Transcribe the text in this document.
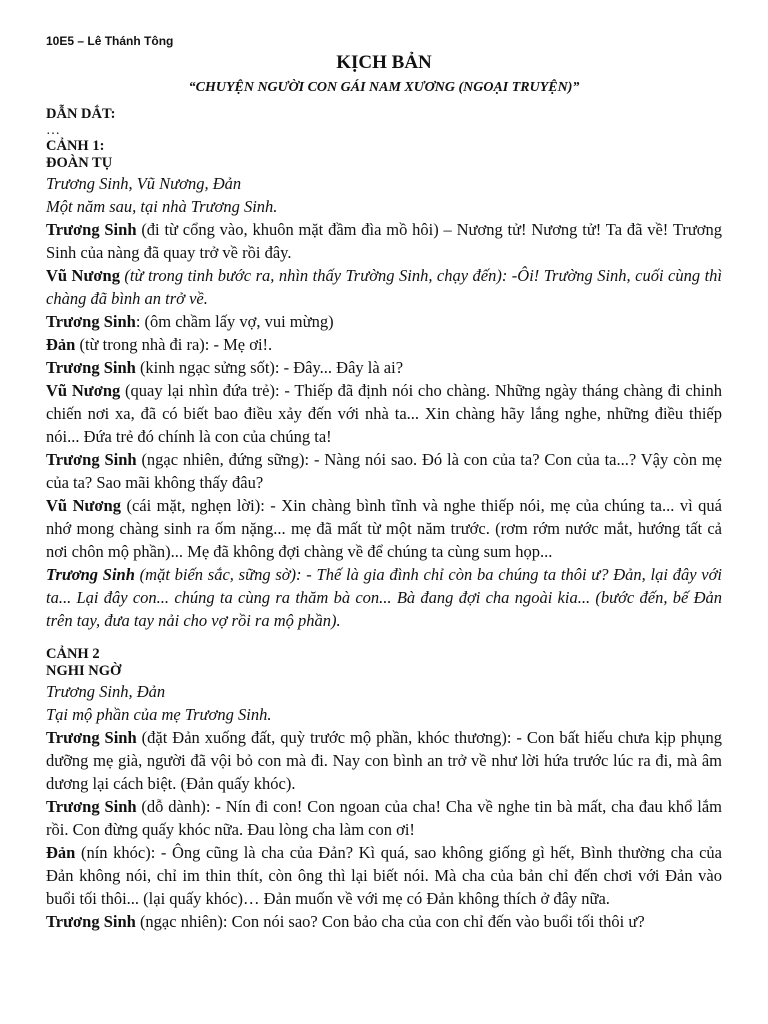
10E5 – Lê Thánh Tông
KỊCH BẢN
“CHUYỆN NGƯỜI CON GÁI NAM XƯƠNG (NGOẠI TRUYỆN)”
DẪN DẮT:
…
CẢNH 1:
ĐOÀN TỤ
Trương Sinh, Vũ Nương, Đản
Một năm sau, tại nhà Trương Sinh.
Trương Sinh (đi từ cổng vào, khuôn mặt đầm đìa mồ hôi) – Nương tử! Nương tử! Ta đã về! Trương Sinh của nàng đã quay trở về rồi đây.
Vũ Nương (từ trong tinh bước ra, nhìn thấy Trường Sinh, chạy đến): -Ôi! Trường Sinh, cuối cùng thì chàng đã bình an trở về.
Trương Sinh: (ôm chầm lấy vợ, vui mừng)
Đản (từ trong nhà đi ra): - Mẹ ơi!.
Trương Sinh (kinh ngạc sửng sốt): - Đây... Đây là ai?
Vũ Nương (quay lại nhìn đứa trẻ): - Thiếp đã định nói cho chàng. Những ngày tháng chàng đi chinh chiến nơi xa, đã có biết bao điều xảy đến với nhà ta... Xin chàng hãy lắng nghe, những điều thiếp nói... Đứa trẻ đó chính là con của chúng ta!
Trương Sinh (ngạc nhiên, đứng sững): - Nàng nói sao. Đó là con của ta? Con của ta...? Vậy còn mẹ của ta? Sao mãi không thấy đâu?
Vũ Nương (cái mặt, nghẹn lời): - Xin chàng bình tĩnh và nghe thiếp nói, mẹ của chúng ta... vì quá nhớ mong chàng sinh ra ốm nặng... mẹ đã mất từ một năm trước. (rơm rớm nước mắt, hướng tất cả nơi chôn mộ phần)... Mẹ đã không đợi chàng về để chúng ta cùng sum họp...
Trương Sinh (mặt biến sắc, sững sờ): - Thế là gia đình chỉ còn ba chúng ta thôi ư? Đản, lại đây với ta... Lại đây con... chúng ta cùng ra thăm bà con... Bà đang đợi cha ngoài kia... (bước đến, bế Đản trên tay, đưa tay nải cho vợ rồi ra mộ phần).
CẢNH 2
NGHI NGỜ
Trương Sinh, Đản
Tại mộ phần của mẹ Trương Sinh.
Trương Sinh (đặt Đản xuống đất, quỳ trước mộ phần, khóc thương): - Con bất hiếu chưa kịp phụng dưỡng mẹ già, người đã vội bỏ con mà đi. Nay con bình an trở về như lời hứa trước lúc ra đi, mà âm dương lại cách biệt. (Đản quấy khóc).
Trương Sinh (dỗ dành): - Nín đi con! Con ngoan của cha! Cha về nghe tin bà mất, cha đau khổ lắm rồi. Con đừng quấy khóc nữa. Đau lòng cha làm con ơi!
Đản (nín khóc): - Ông cũng là cha của Đản? Kì quá, sao không giống gì hết, Bình thường cha của Đản không nói, chỉ im thin thít, còn ông thì lại biết nói. Mà cha của bản chỉ đến chơi với Đản vào buổi tối thôi... (lại quấy khóc)… Đản muốn về với mẹ có Đản không thích ở đây nữa.
Trương Sinh (ngạc nhiên): Con nói sao? Con bảo cha của con chỉ đến vào buổi tối thôi ư?
